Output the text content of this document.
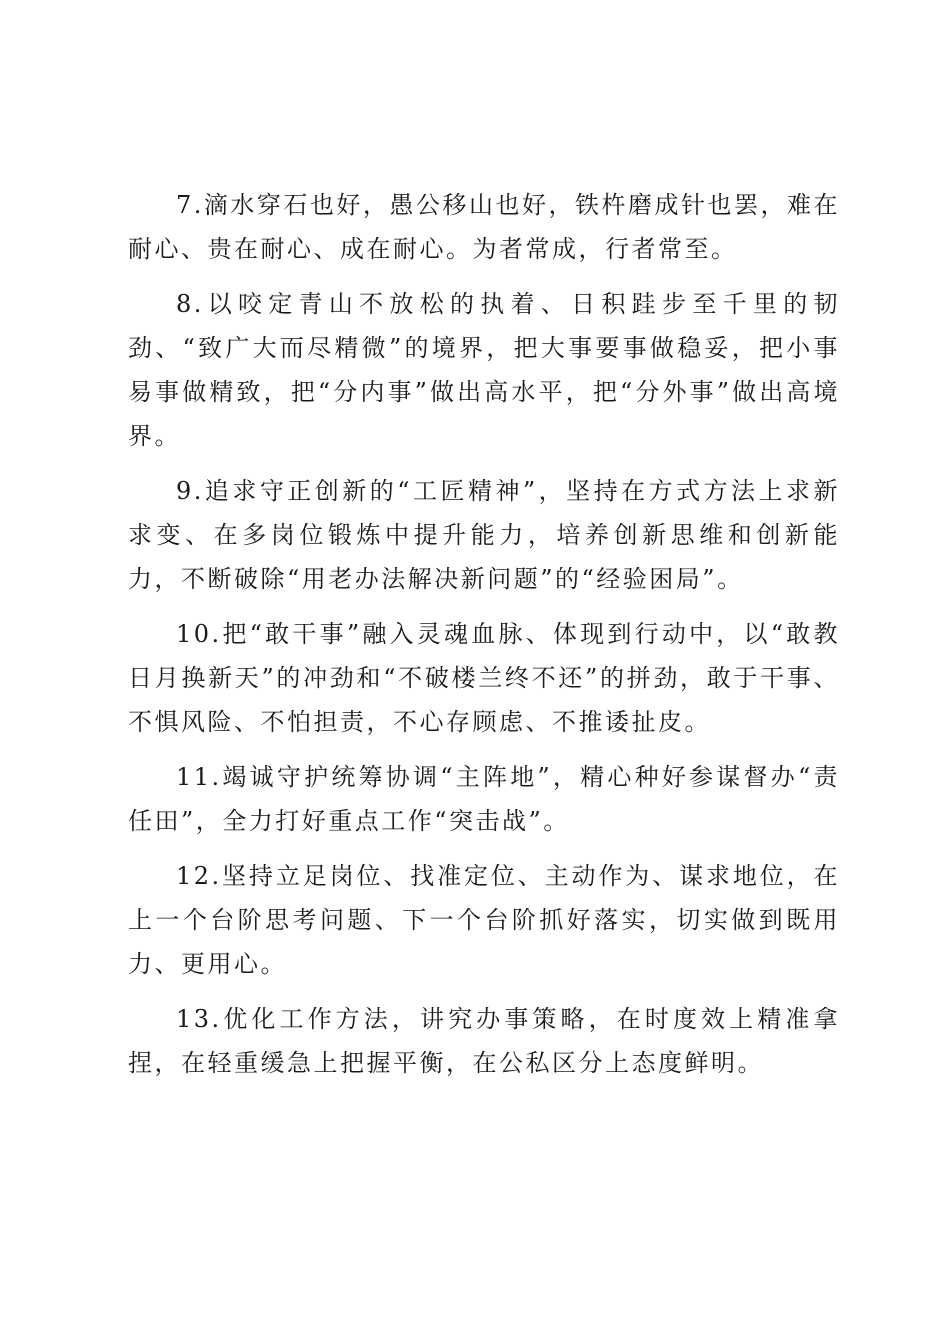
7.滴水穿石也好，愚公移山也好，铁杵磨成针也罢，难在耐心、贵在耐心、成在耐心。为者常成，行者常至。

8.以咬定青山不放松的执着、日积跬步至千里的韧劲、“致广大而尽精微”的境界，把大事要事做稳妥，把小事易事做精致，把“分内事”做出高水平，把“分外事”做出高境界。

9.追求守正创新的“工匠精神”，坚持在方式方法上求新求变、在多岗位锻炼中提升能力，培养创新思维和创新能力，不断破除“用老办法解决新问题”的“经验困局”。

10.把“敢干事”融入灵魂血脉、体现到行动中，以“敢教日月换新天”的冲劲和“不破楼兰终不还”的拼劲，敢于干事、不惧风险、不怕担责，不心存顾虑、不推诿扯皮。

11.竭诚守护统筹协调“主阵地”，精心种好参谋督办“责任田”，全力打好重点工作“突击战”。

12.坚持立足岗位、找准定位、主动作为、谋求地位，在上一个台阶思考问题、下一个台阶抓好落实，切实做到既用力、更用心。

13.优化工作方法，讲究办事策略，在时度效上精准拿捏，在轻重缓急上把握平衡，在公私区分上态度鲜明。
